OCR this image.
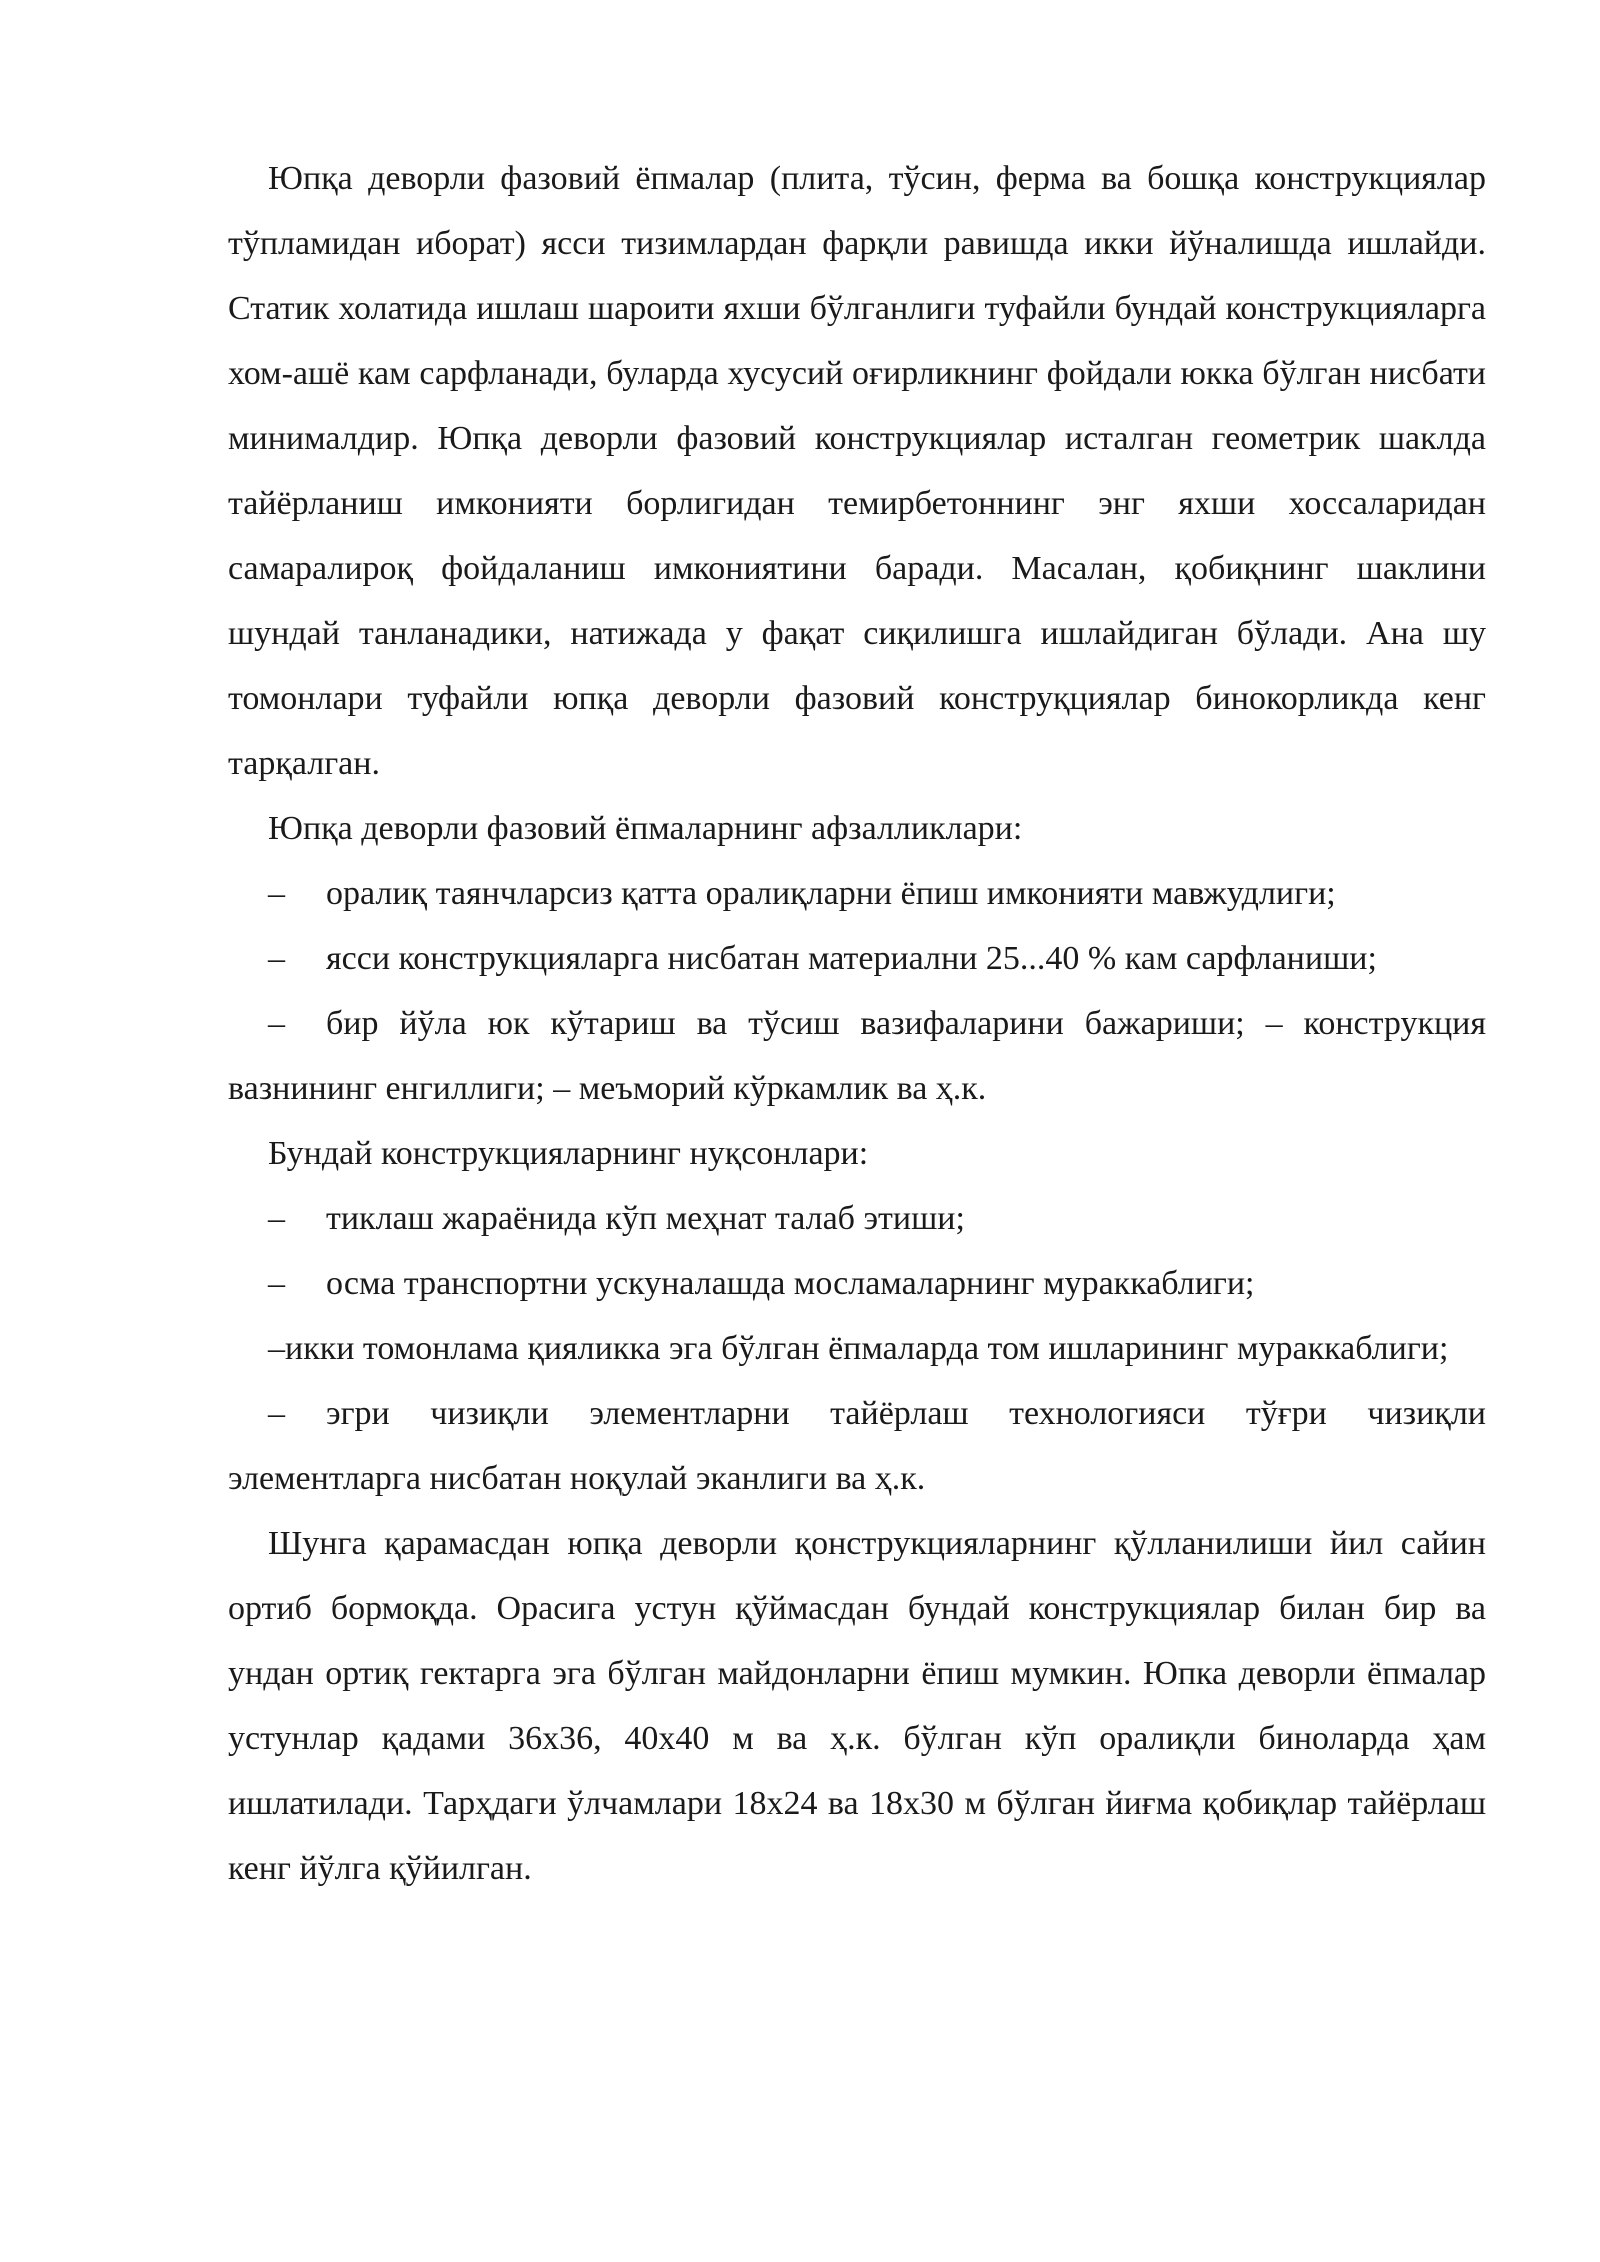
Юпқа деворли фазовий ёпмалар (плита, тўсин, ферма ва бошқа конструкциялар тўпламидан иборат) ясси тизимлардан фарқли равишда икки йўналишда ишлайди. Статик холатида ишлаш шароити яхши бўлганлиги туфайли бундай конструкцияларга хом-ашё кам сарфланади, буларда хусусий оғирликнинг фойдали юкка бўлган нисбати минималдир. Юпқа деворли фазовий конструкциялар исталган геометрик шаклда тайёрланиш имконияти борлигидан темирбетоннинг энг яхши хоссаларидан самаралироқ фойдаланиш имкониятини баради. Масалан, қобиқнинг шаклини шундай танланадики, натижада у фақат сиқилишга ишлайдиган бўлади. Ана шу томонлари туфайли юпқа деворли фазовий конструқциялар бинокорликда кенг тарқалган.

Юпқа деворли фазовий ёпмаларнинг афзалликлари:

– оралиқ таянчларсиз қатта оралиқларни ёпиш имконияти мавжудлиги;

– ясси конструкцияларга нисбатан материални 25...40 % кам сарфланиши;

– бир йўла юк кўтариш ва тўсиш вазифаларини бажариши; – конструкция вазнининг енгиллиги; – меъморий кўркамлик ва ҳ.к.

Бундай конструкцияларнинг нуқсонлари:

– тиклаш жараёнида кўп меҳнат талаб этиши;

– осма транспортни ускуналашда мосламаларнинг мураккаблиги;

–икки томонлама қияликка эга бўлган ёпмаларда том ишларининг мураккаблиги;

– эгри чизиқли элементларни тайёрлаш технологияси тўғри чизиқли элементларга нисбатан ноқулай эканлиги ва ҳ.к.

Шунга қарамасдан юпқа деворли қонструкцияларнинг қўлланилиши йил сайин ортиб бормоқда. Орасига устун қўймасдан бундай конструкциялар билан бир ва ундан ортиқ гектарга эга бўлган майдонларни ёпиш мумкин. Юпка деворли ёпмалар устунлар қадами 36х36, 40х40 м ва ҳ.к. бўлган кўп оралиқли биноларда ҳам ишлатилади. Тарҳдаги ўлчамлари 18х24 ва 18х30 м бўлган йиғма қобиқлар тайёрлаш кенг йўлга қўйилган.
